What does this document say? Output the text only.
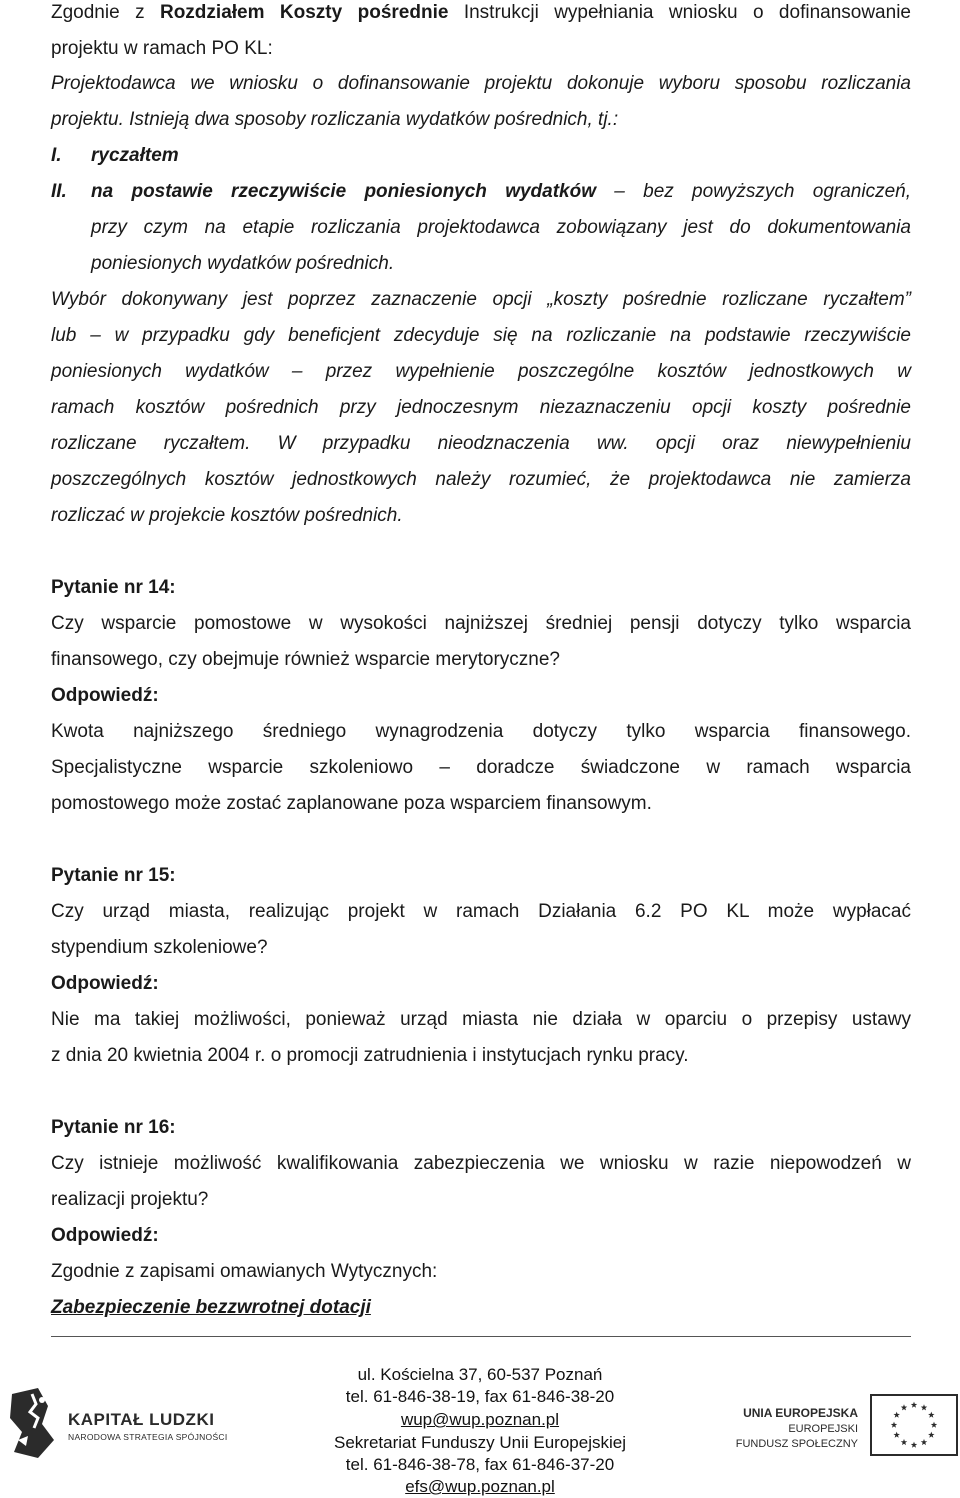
Zgodnie z Rozdziałem Koszty pośrednie Instrukcji wypełniania wniosku o dofinansowanie
projektu w ramach PO KL:
Projektodawca we wniosku o dofinansowanie projektu dokonuje wyboru sposobu rozliczania
projektu. Istnieją dwa sposoby rozliczania wydatków pośrednich, tj.:
I. ryczałtem
II. na postawie rzeczywiście poniesionych wydatków – bez powyższych ograniczeń,
przy czym na etapie rozliczania projektodawca zobowiązany jest do dokumentowania
poniesionych wydatków pośrednich.
Wybór dokonywany jest poprzez zaznaczenie opcji „koszty pośrednie rozliczane ryczałtem”
lub – w przypadku gdy beneficjent zdecyduje się na rozliczanie na podstawie rzeczywiście
poniesionych wydatków – przez wypełnienie poszczególne kosztów jednostkowych w
ramach kosztów pośrednich przy jednoczesnym niezaznaczeniu opcji koszty pośrednie
rozliczane ryczałtem. W przypadku nieodznaczenia ww. opcji oraz niewypełnieniu
poszczególnych kosztów jednostkowych należy rozumieć, że projektodawca nie zamierza
rozliczać w projekcie kosztów pośrednich.
Pytanie nr 14:
Czy wsparcie pomostowe w wysokości najniższej średniej pensji dotyczy tylko wsparcia
finansowego, czy obejmuje również wsparcie merytoryczne?
Odpowiedź:
Kwota najniższego średniego wynagrodzenia dotyczy tylko wsparcia finansowego.
Specjalistyczne wsparcie szkoleniowo – doradcze świadczone w ramach wsparcia
pomostowego może zostać zaplanowane poza wsparciem finansowym.
Pytanie nr 15:
Czy urząd miasta, realizując projekt w ramach Działania 6.2 PO KL może wypłacać
stypendium szkoleniowe?
Odpowiedź:
Nie ma takiej możliwości, ponieważ urząd miasta nie działa w oparciu o przepisy ustawy
z dnia 20 kwietnia 2004 r. o promocji zatrudnienia i instytucjach rynku pracy.
Pytanie nr 16:
Czy istnieje możliwość kwalifikowania zabezpieczenia we wniosku w razie niepowodzeń w
realizacji projektu?
Odpowiedź:
Zgodnie z zapisami omawianych Wytycznych:
Zabezpieczenie bezzwrotnej dotacji
ul. Kościelna 37, 60-537 Poznań
tel. 61-846-38-19, fax 61-846-38-20
wup@wup.poznan.pl
Sekretariat Funduszy Unii Europejskiej
tel. 61-846-38-78, fax 61-846-37-20
efs@wup.poznan.pl
KAPITAŁ LUDZKI
NARODOWA STRATEGIA SPÓJNOŚCI
UNIA EUROPEJSKA
EUROPEJSKI
FUNDUSZ SPOŁECZNY
